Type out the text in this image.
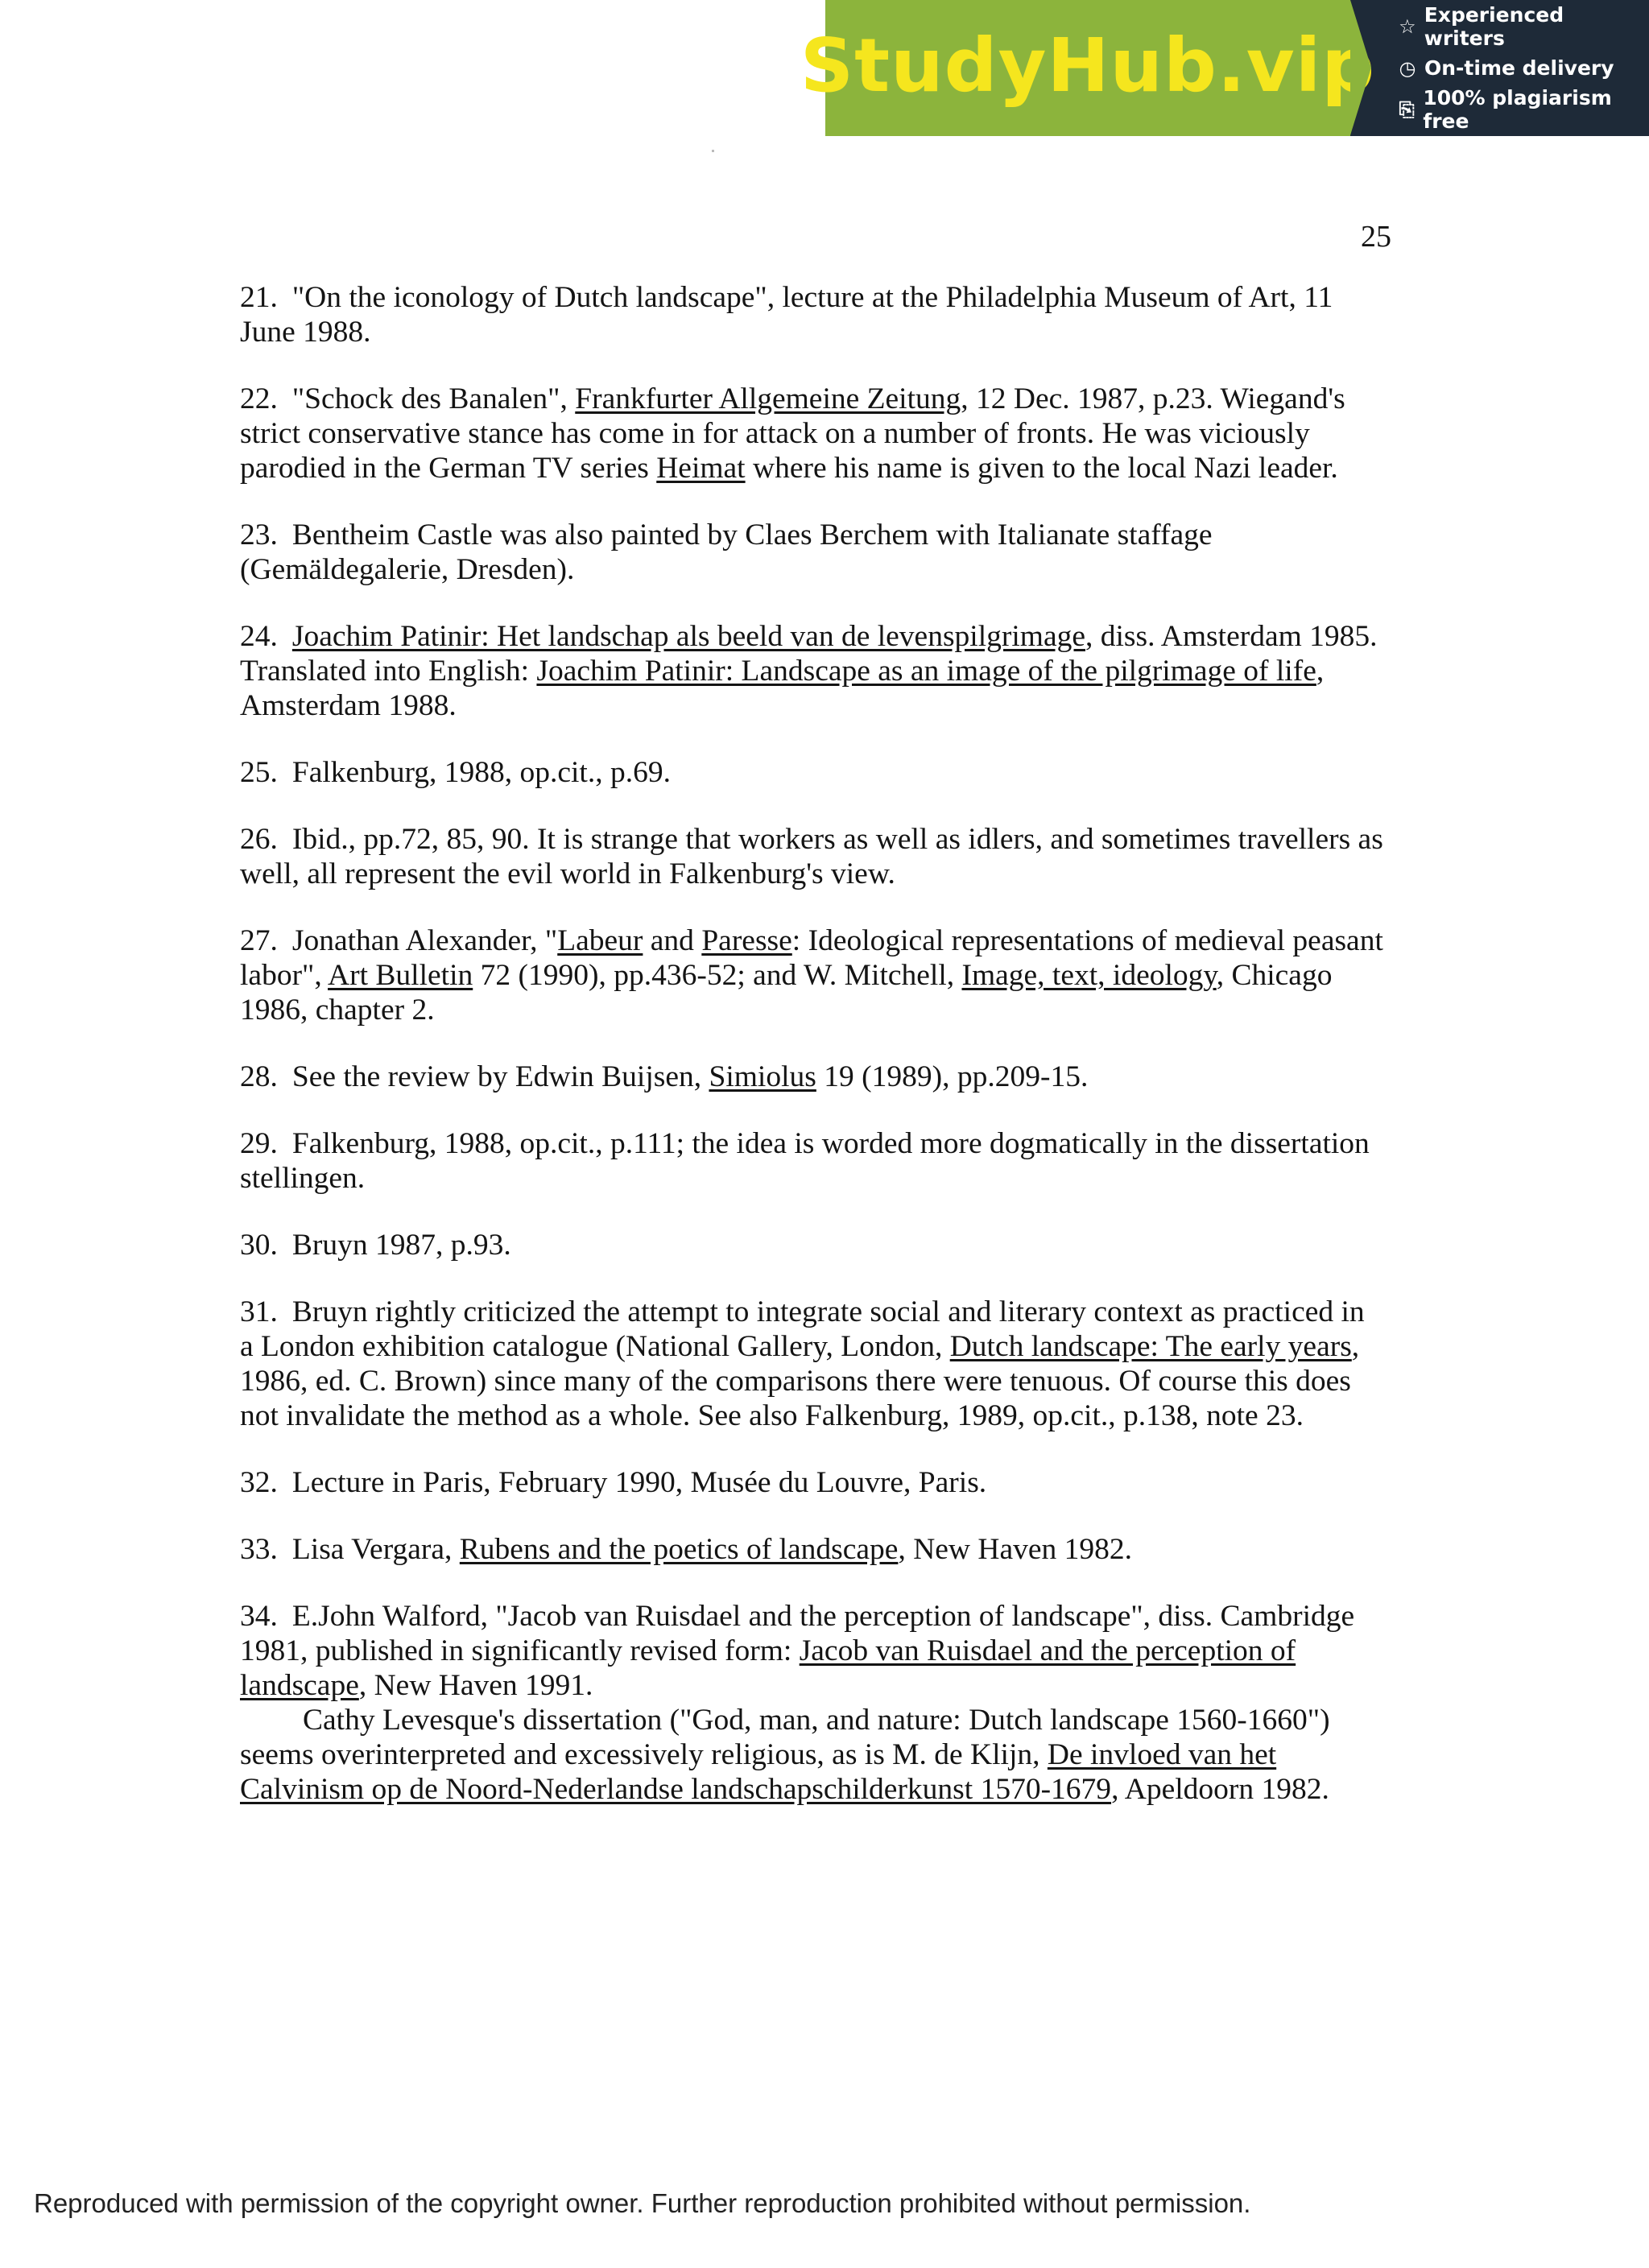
StudyHub.vip ☆ Experienced writers
◷ On-time delivery
⎘ 100% plagiarism free
25

21. "On the iconology of Dutch landscape", lecture at the Philadelphia Museum of Art, 11 June 1988.

22. "Schock des Banalen", Frankfurter Allgemeine Zeitung, 12 Dec. 1987, p.23. Wiegand's strict conservative stance has come in for attack on a number of fronts. He was viciously parodied in the German TV series Heimat where his name is given to the local Nazi leader.

23. Bentheim Castle was also painted by Claes Berchem with Italianate staffage (Gemäldegalerie, Dresden).

24. Joachim Patinir: Het landschap als beeld van de levenspilgrimage, diss. Amsterdam 1985. Translated into English: Joachim Patinir: Landscape as an image of the pilgrimage of life, Amsterdam 1988.

25. Falkenburg, 1988, op.cit., p.69.

26. Ibid., pp.72, 85, 90. It is strange that workers as well as idlers, and sometimes travellers as well, all represent the evil world in Falkenburg's view.

27. Jonathan Alexander, "Labeur and Paresse: Ideological representations of medieval peasant labor", Art Bulletin 72 (1990), pp.436-52; and W. Mitchell, Image, text, ideology, Chicago 1986, chapter 2.

28. See the review by Edwin Buijsen, Simiolus 19 (1989), pp.209-15.

29. Falkenburg, 1988, op.cit., p.111; the idea is worded more dogmatically in the dissertation stellingen.

30. Bruyn 1987, p.93.

31. Bruyn rightly criticized the attempt to integrate social and literary context as practiced in a London exhibition catalogue (National Gallery, London, Dutch landscape: The early years, 1986, ed. C. Brown) since many of the comparisons there were tenuous. Of course this does not invalidate the method as a whole. See also Falkenburg, 1989, op.cit., p.138, note 23.

32. Lecture in Paris, February 1990, Musée du Louvre, Paris.

33. Lisa Vergara, Rubens and the poetics of landscape, New Haven 1982.

34. E.John Walford, "Jacob van Ruisdael and the perception of landscape", diss. Cambridge 1981, published in significantly revised form: Jacob van Ruisdael and the perception of landscape, New Haven 1991.

Cathy Levesque's dissertation ("God, man, and nature: Dutch landscape 1560-1660") seems overinterpreted and excessively religious, as is M. de Klijn, De invloed van het Calvinism op de Noord-Nederlandse landschapschilderkunst 1570-1679, Apeldoorn 1982.

Reproduced with permission of the copyright owner. Further reproduction prohibited without permission.
